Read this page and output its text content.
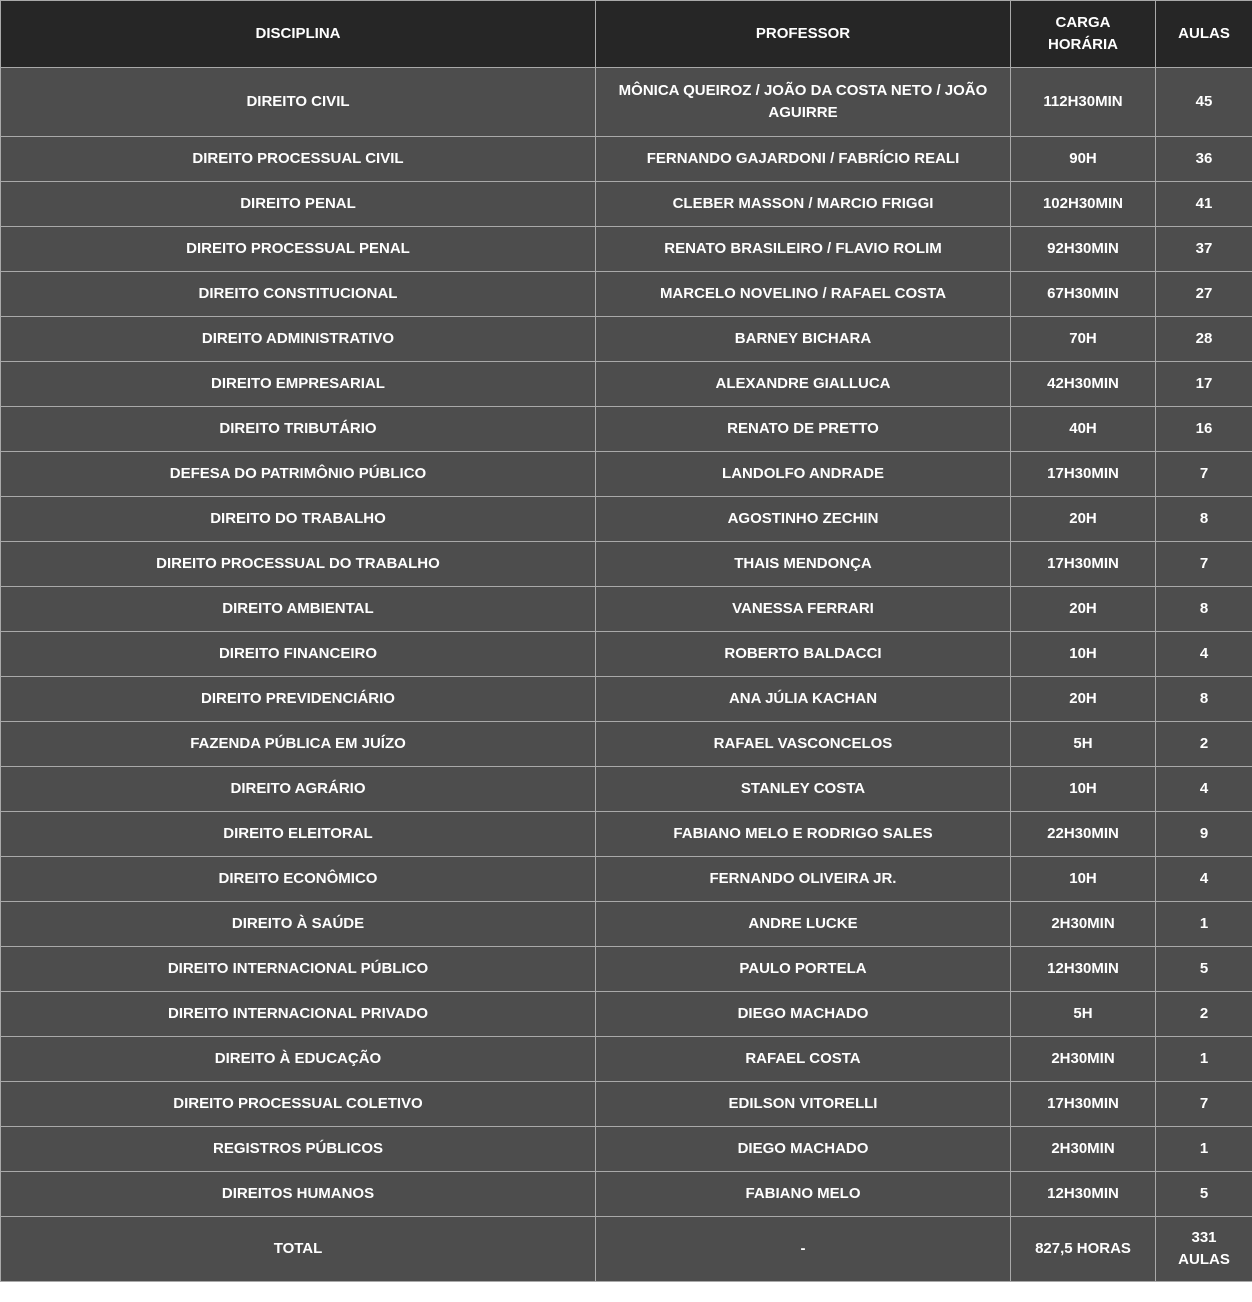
DISCIPLINA	PROFESSOR	CARGA HORÁRIA	AULAS
DIREITO CIVIL	MÔNICA QUEIROZ / JOÃO DA COSTA NETO / JOÃO AGUIRRE	112H30MIN	45
DIREITO PROCESSUAL CIVIL	FERNANDO GAJARDONI / FABRÍCIO REALI	90H	36
DIREITO PENAL	CLEBER MASSON / MARCIO FRIGGI	102H30MIN	41
DIREITO PROCESSUAL PENAL	RENATO BRASILEIRO / FLAVIO ROLIM	92H30MIN	37
DIREITO CONSTITUCIONAL	MARCELO NOVELINO / RAFAEL COSTA	67H30MIN	27
DIREITO ADMINISTRATIVO	BARNEY BICHARA	70H	28
DIREITO EMPRESARIAL	ALEXANDRE GIALLUCA	42H30MIN	17
DIREITO TRIBUTÁRIO	RENATO DE PRETTO	40H	16
DEFESA DO PATRIMÔNIO PÚBLICO	LANDOLFO ANDRADE	17H30MIN	7
DIREITO DO TRABALHO	AGOSTINHO ZECHIN	20H	8
DIREITO PROCESSUAL DO TRABALHO	THAIS MENDONÇA	17H30MIN	7
DIREITO AMBIENTAL	VANESSA FERRARI	20H	8
DIREITO FINANCEIRO	ROBERTO BALDACCI	10H	4
DIREITO PREVIDENCIÁRIO	ANA JÚLIA KACHAN	20H	8
FAZENDA PÚBLICA EM JUÍZO	RAFAEL VASCONCELOS	5H	2
DIREITO AGRÁRIO	STANLEY COSTA	10H	4
DIREITO ELEITORAL	FABIANO MELO E RODRIGO SALES	22H30MIN	9
DIREITO ECONÔMICO	FERNANDO OLIVEIRA JR.	10H	4
DIREITO À SAÚDE	ANDRE LUCKE	2H30MIN	1
DIREITO INTERNACIONAL PÚBLICO	PAULO PORTELA	12H30MIN	5
DIREITO INTERNACIONAL PRIVADO	DIEGO MACHADO	5H	2
DIREITO À EDUCAÇÃO	RAFAEL COSTA	2H30MIN	1
DIREITO PROCESSUAL COLETIVO	EDILSON VITORELLI	17H30MIN	7
REGISTROS PÚBLICOS	DIEGO MACHADO	2H30MIN	1
DIREITOS HUMANOS	FABIANO MELO	12H30MIN	5
TOTAL	-	827,5 HORAS	331 AULAS
